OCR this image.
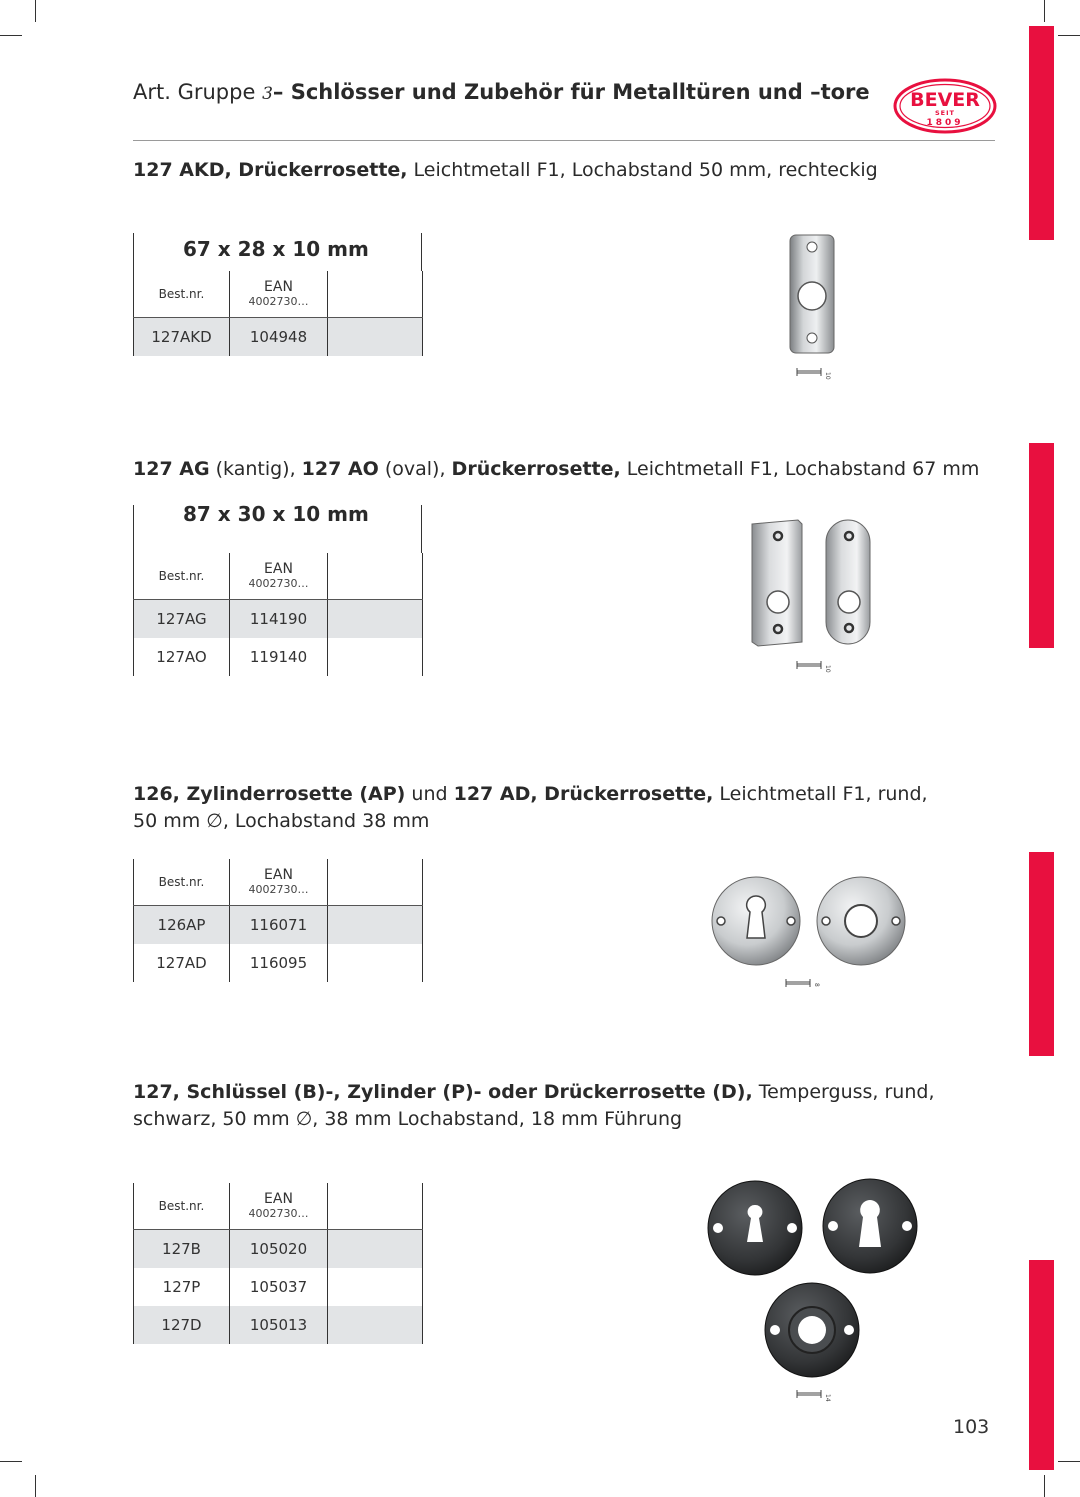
Art. Gruppe 3– Schlösser und Zubehör für Metalltüren und –tore BEVER
SEIT
1809
127 AKD, Drückerrosette, Leichtmetall F1, Lochabstand 50 mm, rechteckig
67 x 28 x 10 mm
Best.nr.	EAN
4002730…	

127AKD	104948	
10
127 AG (kantig), 127 AO (oval), Drückerrosette, Leichtmetall F1, Lochabstand 67 mm
87 x 30 x 10 mm
Best.nr.	EAN
4002730…	

127AG	114190	
127AO	119140	
10
126, Zylinderrosette (AP) und 127 AD, Drückerrosette, Leichtmetall F1, rund,
50 mm ∅, Lochabstand 38 mm
Best.nr.	EAN
4002730…	

126AP	116071	
127AD	116095	
8
127, Schlüssel (B)-, Zylinder (P)- oder Drückerrosette (D), Temperguss, rund,
schwarz, 50 mm ∅, 38 mm Lochabstand, 18 mm Führung
Best.nr.	EAN
4002730…	

127B	105020	
127P	105037	
127D	105013	
14
103
